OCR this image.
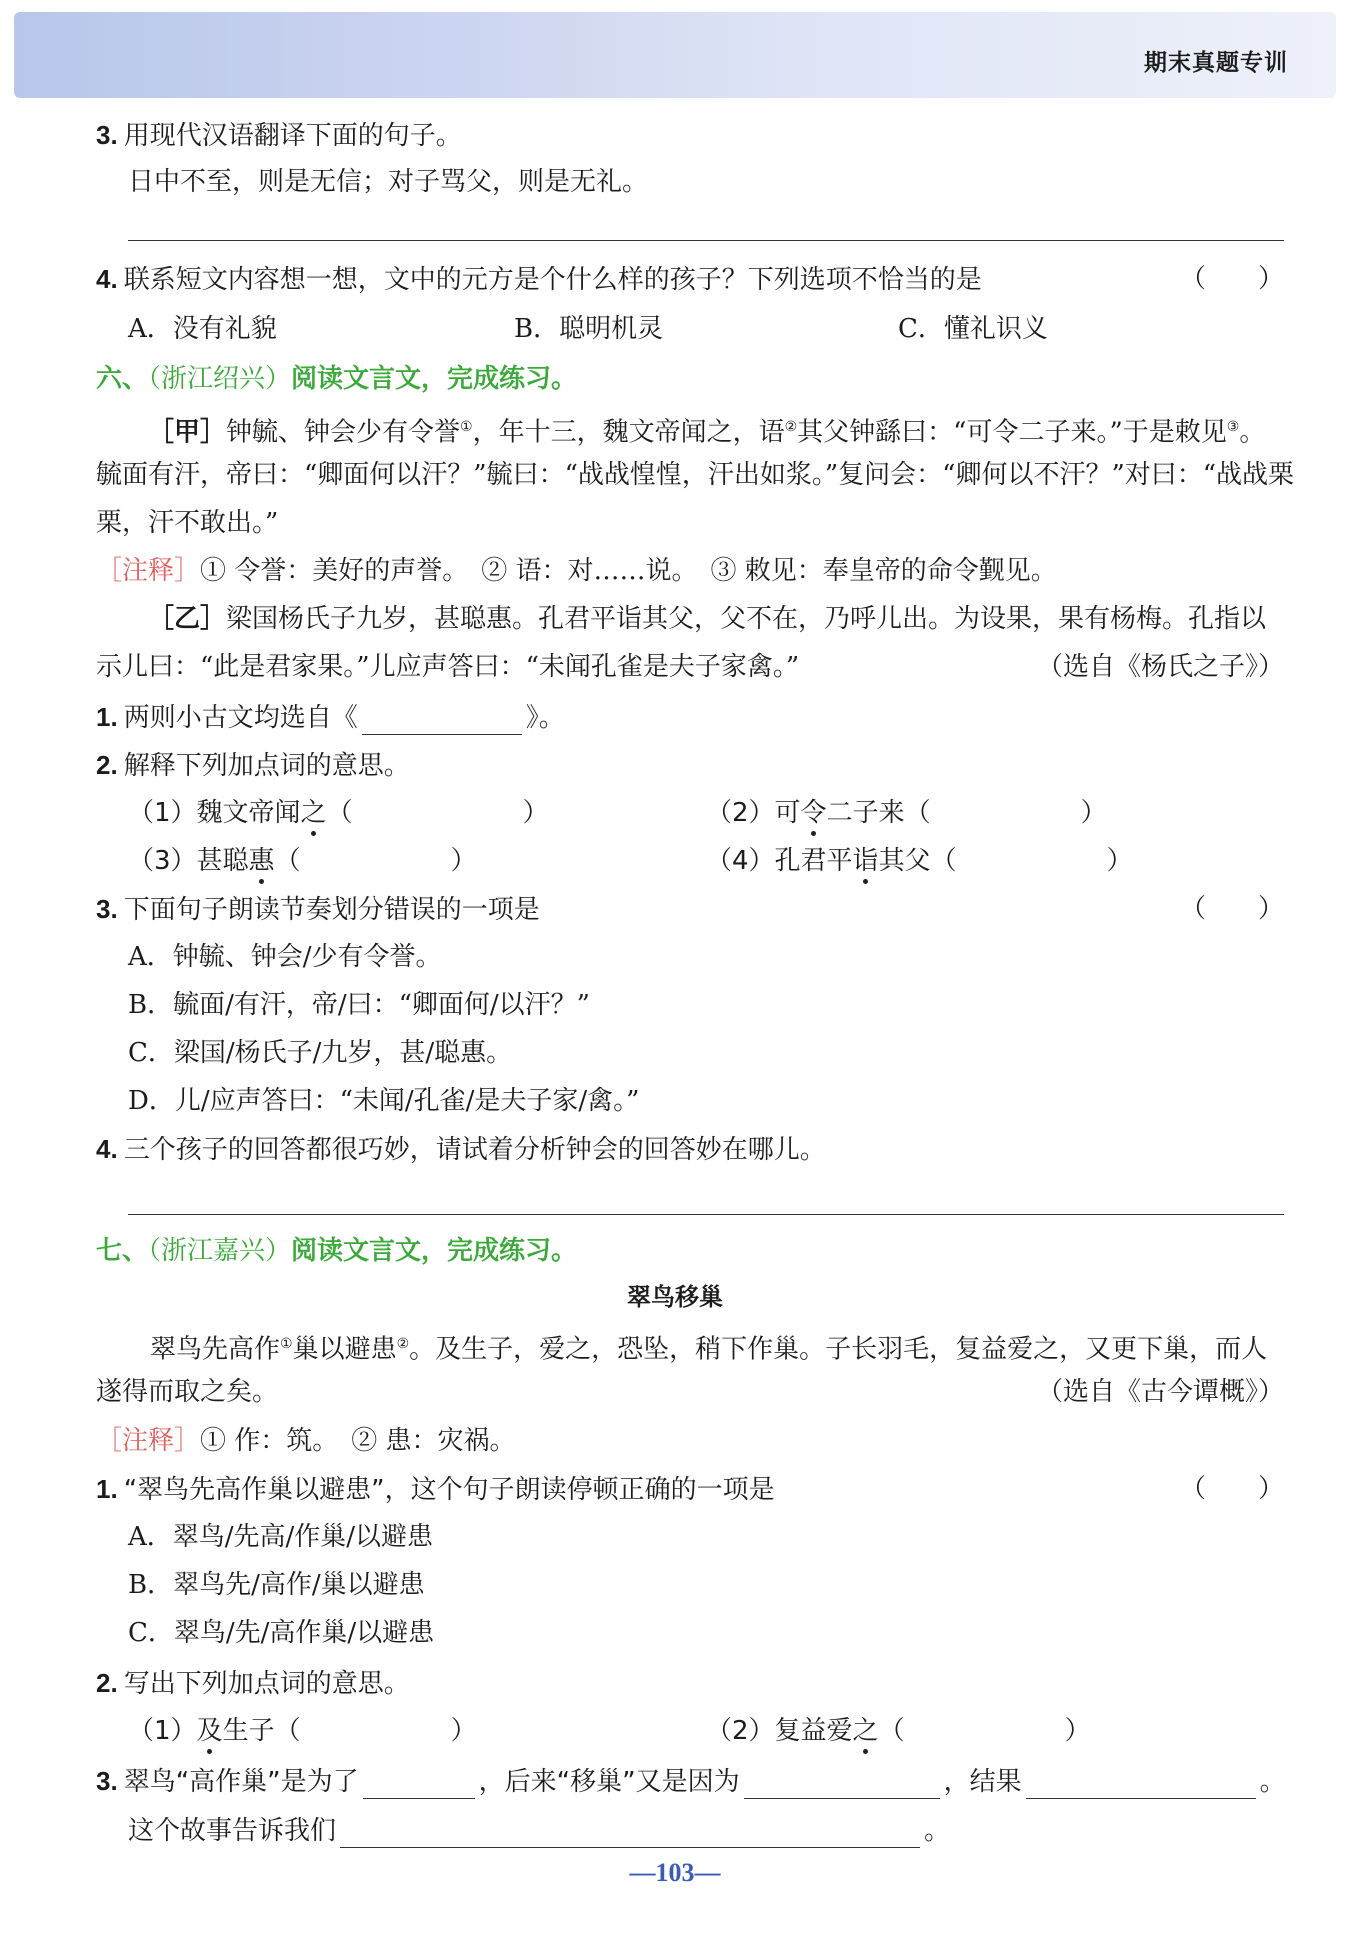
期末真题专训
3. 用现代汉语翻译下面的句子。
日中不至，则是无信；对子骂父，则是无礼。
4. 联系短文内容想一想，文中的元方是个什么样的孩子？下列选项不恰当的是	（　　）
A．没有礼貌	B．聪明机灵	C．懂礼识义
六、（浙江绍兴）阅读文言文，完成练习。
［甲］钟毓、钟会少有令誉①，年十三，魏文帝闻之，语②其父钟繇曰：“可令二子来。”于是敕见③。
毓面有汗，帝曰：“卿面何以汗？”毓曰：“战战惶惶，汗出如浆。”复问会：“卿何以不汗？”对曰：“战战栗
栗，汗不敢出。”
［注释］① 令誉：美好的声誉。　② 语：对……说。　③ 敕见：奉皇帝的命令觐见。
［乙］梁国杨氏子九岁，甚聪惠。孔君平诣其父，父不在，乃呼儿出。为设果，果有杨梅。孔指以
示儿曰：“此是君家果。”儿应声答曰：“未闻孔雀是夫子家禽。”	（选自《杨氏之子》）
1. 两则小古文均选自《	》。
2. 解释下列加点词的意思。
（1）魏文帝闻之（	）	（2）可令二子来（	）
（3）甚聪惠（	）	（4）孔君平诣其父（	）
3. 下面句子朗读节奏划分错误的一项是	（　　）
A．钟毓、钟会/少有令誉。
B．毓面/有汗，帝/曰：“卿面何/以汗？”
C．梁国/杨氏子/九岁，甚/聪惠。
D．儿/应声答曰：“未闻/孔雀/是夫子家/禽。”
4. 三个孩子的回答都很巧妙，请试着分析钟会的回答妙在哪儿。
七、（浙江嘉兴）阅读文言文，完成练习。
翠鸟移巢
翠鸟先高作①巢以避患②。及生子，爱之，恐坠，稍下作巢。子长羽毛，复益爱之，又更下巢，而人
遂得而取之矣。	（选自《古今谭概》）
［注释］① 作：筑。　② 患：灾祸。
1. “翠鸟先高作巢以避患”，这个句子朗读停顿正确的一项是	（　　）
A．翠鸟/先高/作巢/以避患
B．翠鸟先/高作/巢以避患
C．翠鸟/先/高作巢/以避患
2. 写出下列加点词的意思。
（1）及生子（	）	（2）复益爱之（	）
3. 翠鸟“高作巢”是为了	，后来“移巢”又是因为	，结果	。
这个故事告诉我们	。
—103—
